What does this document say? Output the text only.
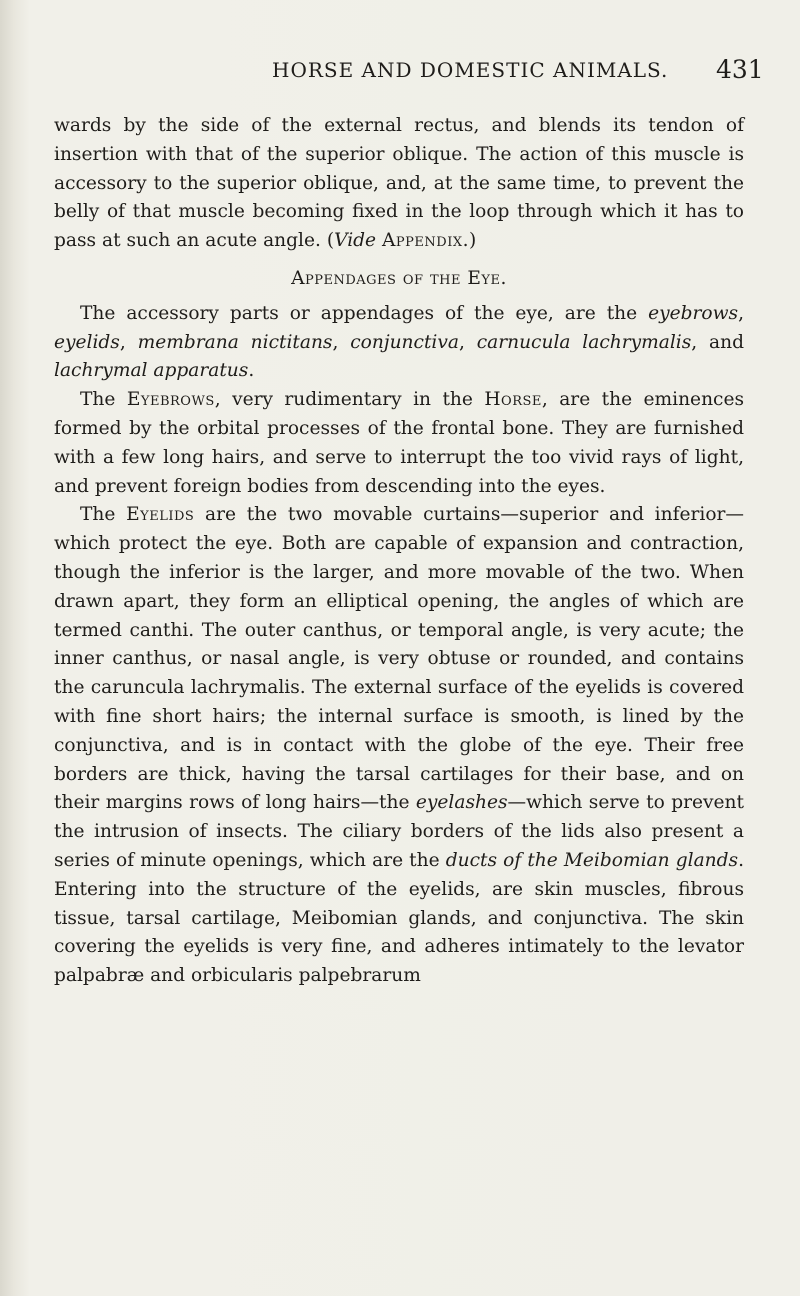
HORSE AND DOMESTIC ANIMALS. 431

wards by the side of the external rectus, and blends its tendon of insertion with that of the superior oblique. The action of this muscle is accessory to the superior oblique, and, at the same time, to prevent the belly of that muscle becoming fixed in the loop through which it has to pass at such an acute angle. (Vide Appendix.)

Appendages of the Eye.

The accessory parts or appendages of the eye, are the eyebrows, eyelids, membrana nictitans, conjunctiva, carnucula lachrymalis, and lachrymal apparatus.

The Eyebrows, very rudimentary in the Horse, are the eminences formed by the orbital processes of the frontal bone. They are furnished with a few long hairs, and serve to interrupt the too vivid rays of light, and prevent foreign bodies from descending into the eyes.

The Eyelids are the two movable curtains—superior and inferior—which protect the eye. Both are capable of expansion and contraction, though the inferior is the larger, and more movable of the two. When drawn apart, they form an elliptical opening, the angles of which are termed canthi. The outer canthus, or temporal angle, is very acute; the inner canthus, or nasal angle, is very obtuse or rounded, and contains the caruncula lachrymalis. The external surface of the eyelids is covered with fine short hairs; the internal surface is smooth, is lined by the conjunctiva, and is in contact with the globe of the eye. Their free borders are thick, having the tarsal cartilages for their base, and on their margins rows of long hairs—the eyelashes—which serve to prevent the intrusion of insects. The ciliary borders of the lids also present a series of minute openings, which are the ducts of the Meibomian glands. Entering into the structure of the eyelids, are skin muscles, fibrous tissue, tarsal cartilage, Meibomian glands, and conjunctiva. The skin covering the eyelids is very fine, and adheres intimately to the levator palpabræ and orbicularis palpebrarum
